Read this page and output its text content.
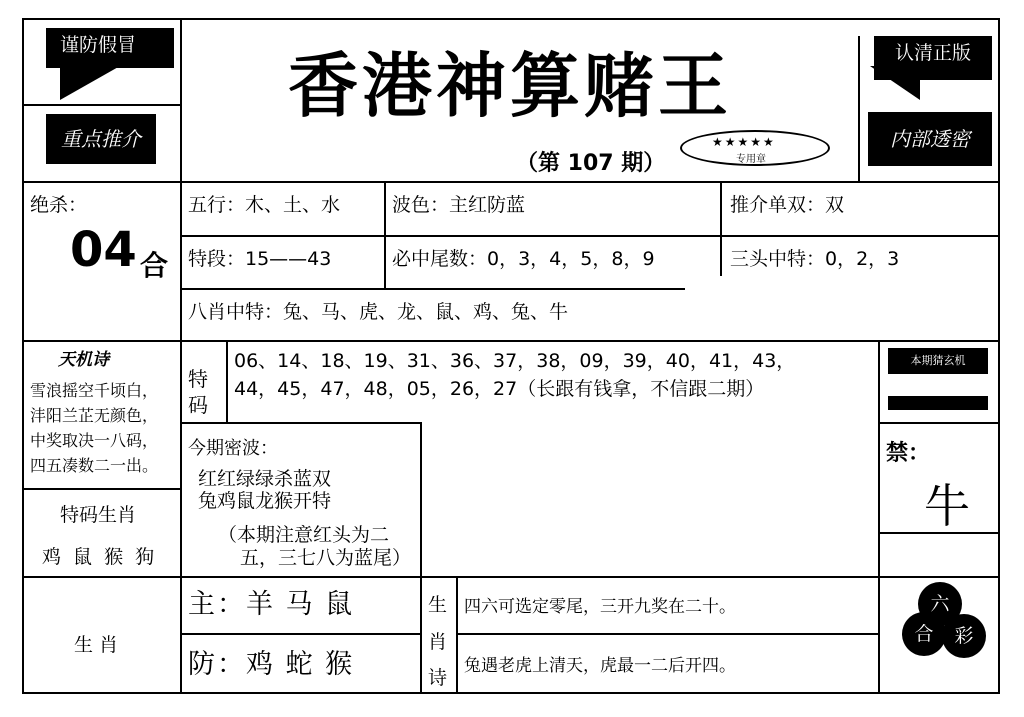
谨防假冒	香港神算赌王	认清正版
重点推介
（第 107 期）
★★★★★
专用章
内部透密
绝杀：
04 合
五行：木、土、水	波色：主红防蓝	推介单双：双
特段：15——43	必中尾数：0，3，4，5，8，9	三头中特：0，2，3
八肖中特：兔、马、虎、龙、鼠、鸡、兔、牛
天机诗
雪浪摇空千顷白，
沣阳兰芷无颜色，
中奖取决一八码，
四五凑数二一出。
特码
06、14、18、19、31、36、37，38，09，39，40，41，43，
44，45，47，48，05，26，27（长跟有钱拿，不信跟二期）
本期猜玄机
今期密波：
红红绿绿杀蓝双
兔鸡鼠龙猴开特
（本期注意红头为二
五，三七八为蓝尾）
禁：
牛
特码生肖
鸡 鼠 猴 狗
生 肖
主：羊 马 鼠
防：鸡 蛇 猴
生
肖
诗
四六可选定零尾，三开九奖在二十。
兔遇老虎上清天，虎最一二后开四。
六
合	彩
